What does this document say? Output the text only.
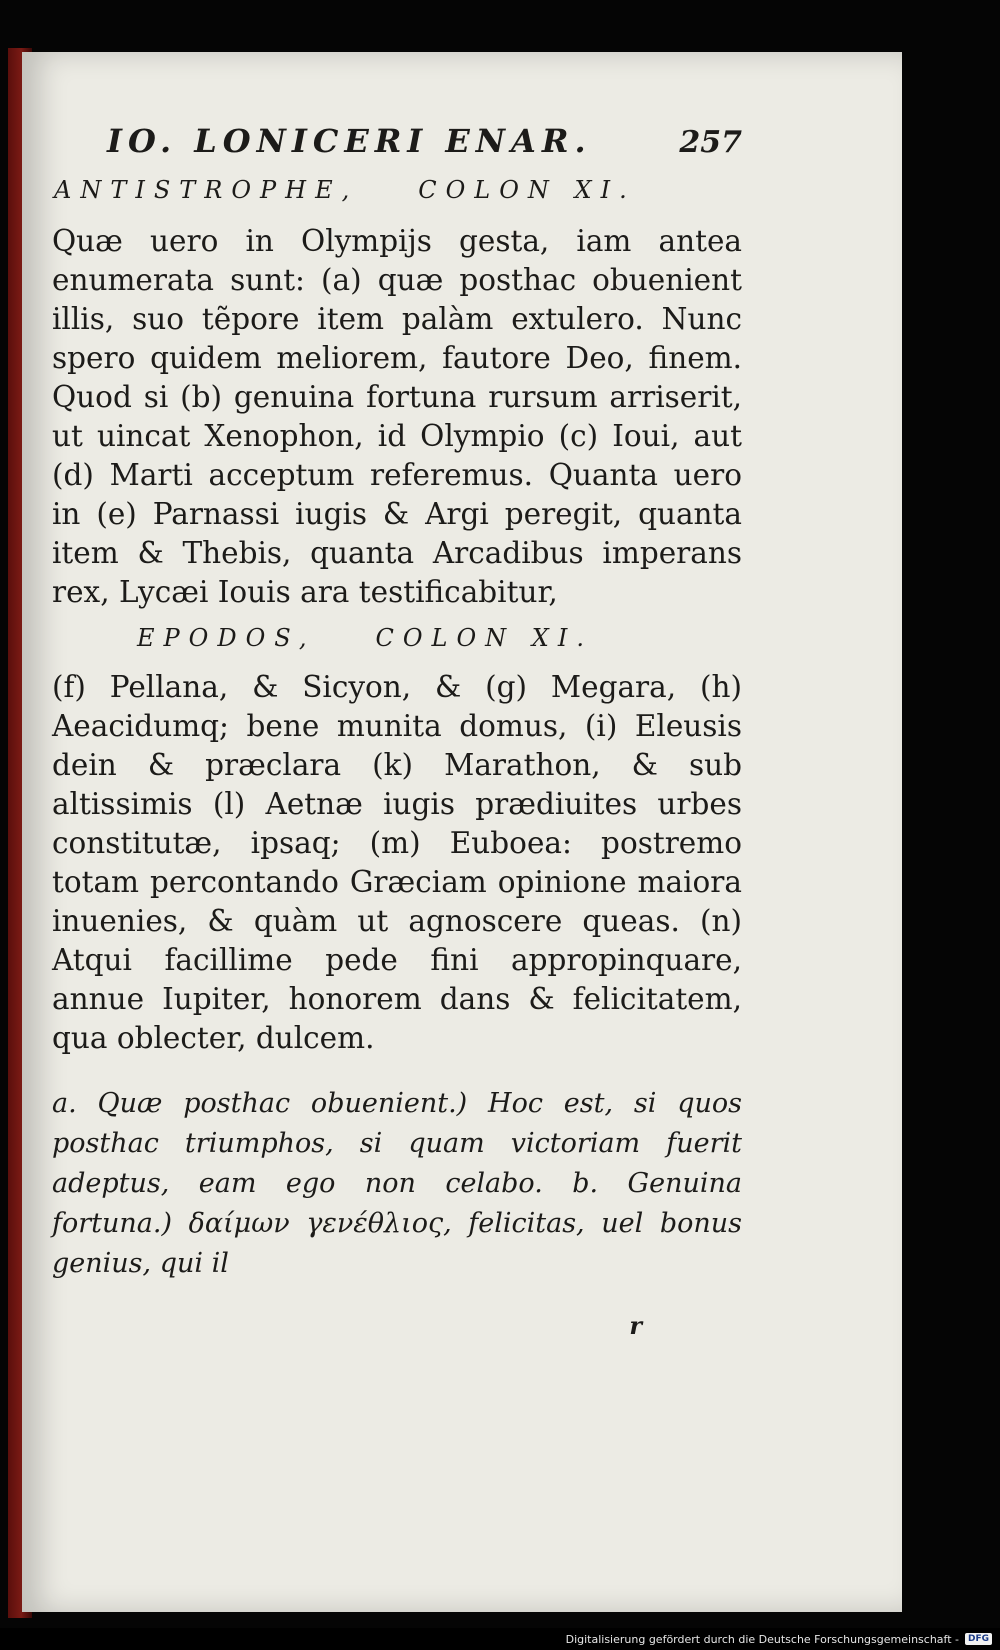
IO. LONICERI ENAR.	257
ANTISTROPHE,	COLON XI.

Quæ uero in Olympijs gesta, iam antea enumerata sunt: (a) quæ posthac obuenient illis, suo tẽpore item palàm extulero. Nunc spero quidem meliorem, fautore Deo, finem. Quod si (b) genuina fortuna rursum arriserit, ut uincat Xenophon, id Olympio (c) Ioui, aut (d) Marti acceptum referemus. Quanta uero in (e) Parnassi iugis & Argi peregit, quanta item & Thebis, quanta Arcadibus imperans rex, Lycæi Iouis ara testificabitur,

EPODOS,	COLON XI.

(f) Pellana, & Sicyon, & (g) Megara, (h) Aeacidumq; bene munita domus, (i) Eleusis dein & præclara (k) Marathon, & sub altissimis (l) Aetnæ iugis prædiuites urbes constitutæ, ipsaq; (m) Euboea: postremo totam percontando Græciam opinione maiora inuenies, & quàm ut agnoscere queas. (n) Atqui facillime pede fini appropinquare, annue Iupiter, honorem dans & felicitatem, qua oblecter, dulcem.

a. Quæ posthac obuenient.) Hoc est, si quos posthac triumphos, si quam victoriam fuerit adeptus, eam ego non celabo. b. Genuina fortuna.) δαίμων γενέθλιος, felicitas, uel bonus genius, qui il

r
Digitalisierung gefördert durch die Deutsche Forschungsgemeinschaft -	DFG
